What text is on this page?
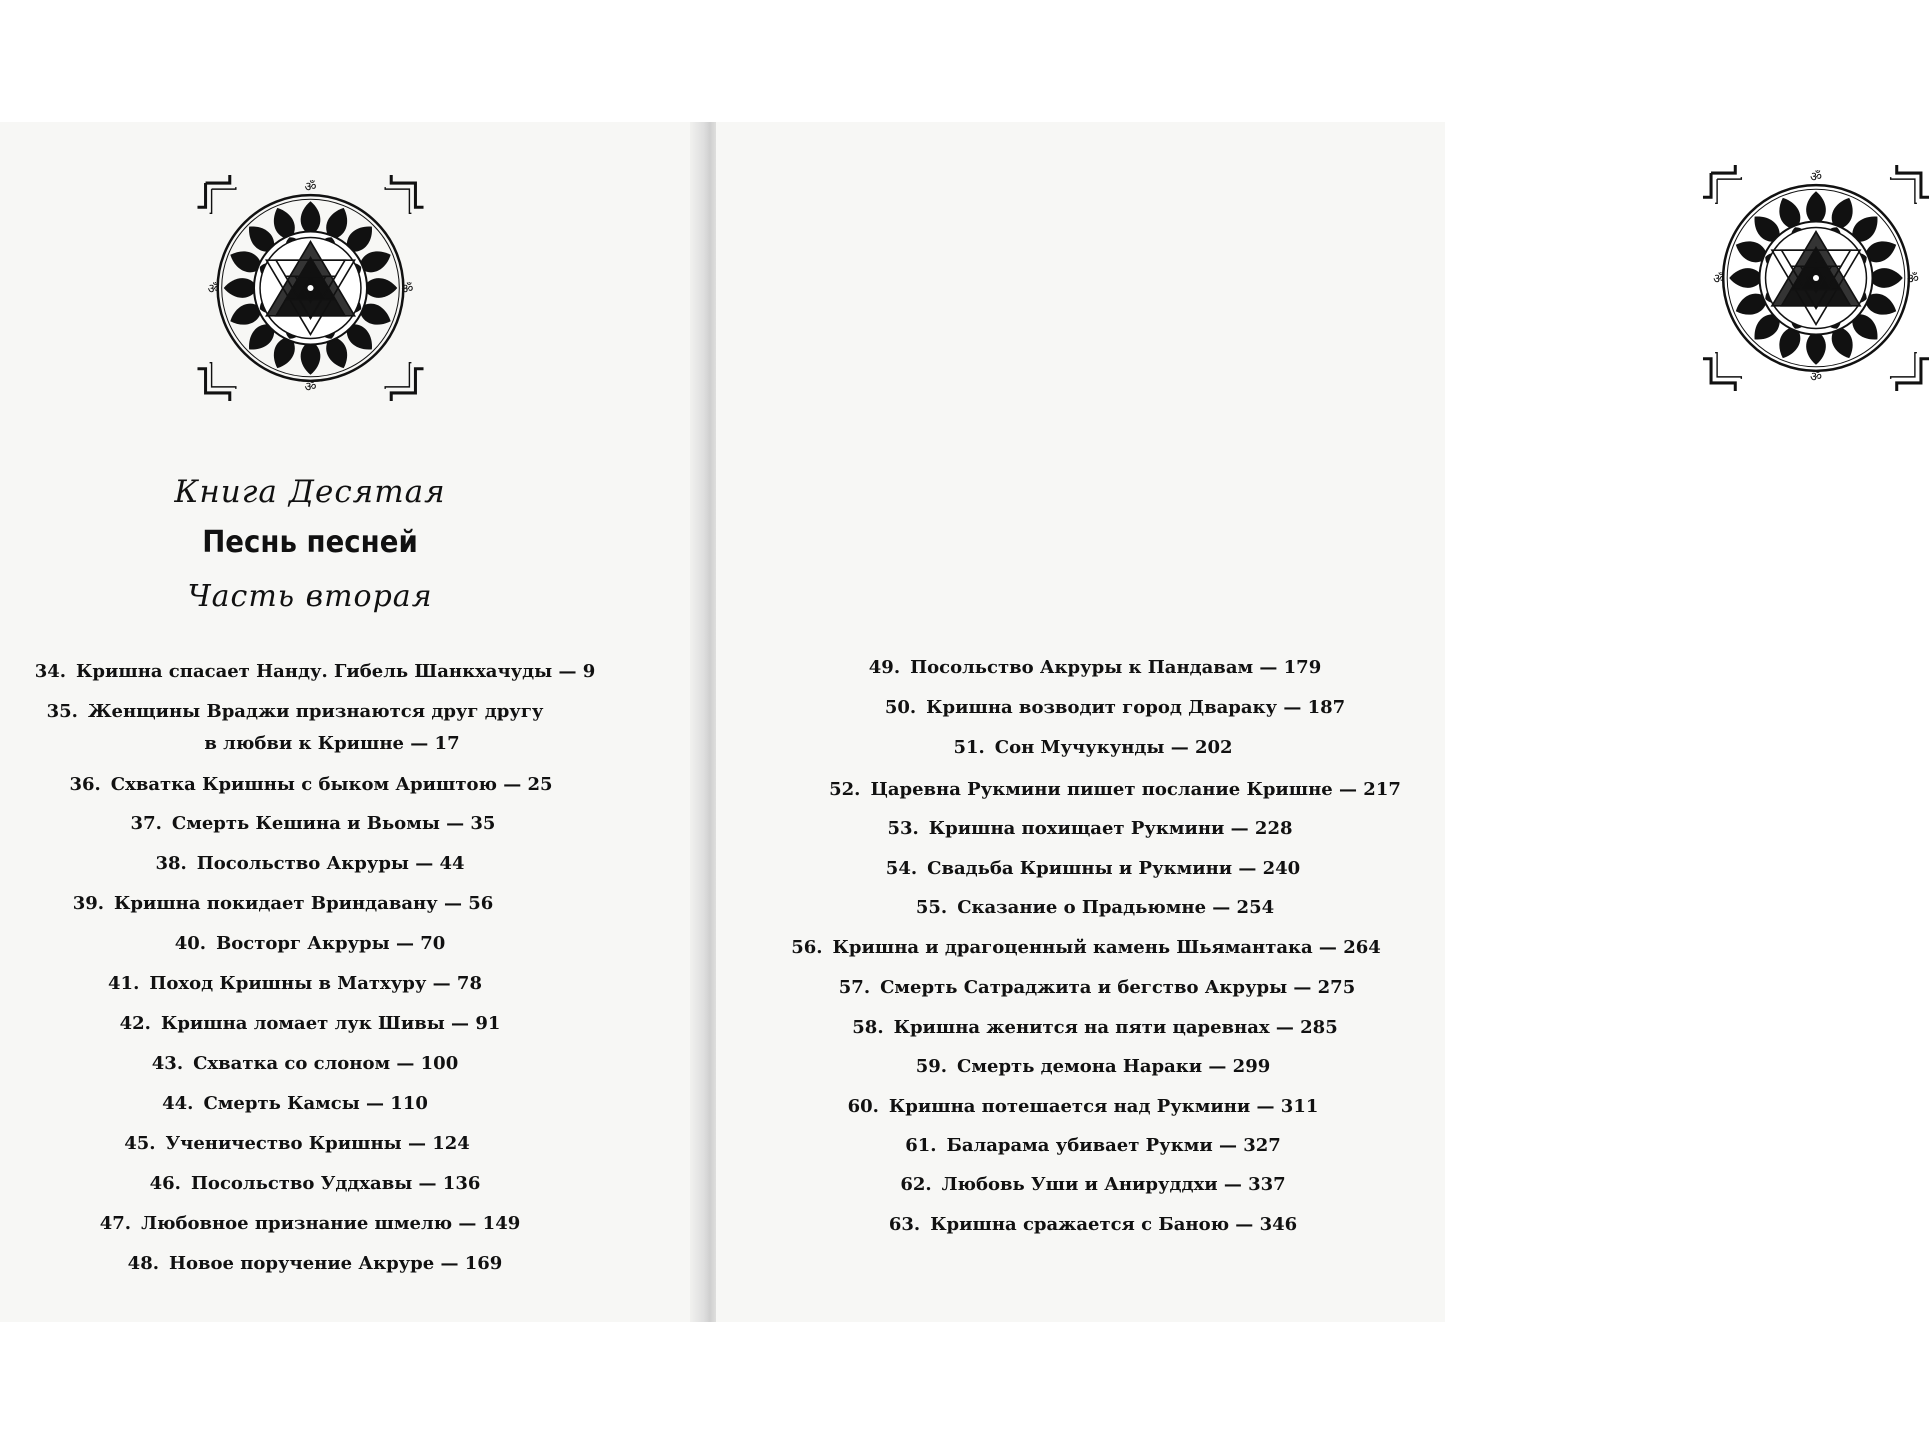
ॐ
ॐ
ॐ	ॐ
Книга Десятая
Песнь песней
Часть вторая
34. Кришна спасает Нанду. Гибель Шанкхачуды — 9
35. Женщины Враджи признаются друг другу
в любви к Кришне — 17
36. Схватка Кришны с быком Ариштою — 25
37. Смерть Кешина и Вьомы — 35
38. Посольство Акруры — 44
39. Кришна покидает Вриндавану — 56
40. Восторг Акруры — 70
41. Поход Кришны в Матхуру — 78
42. Кришна ломает лук Шивы — 91
43. Схватка со слоном — 100
44. Смерть Камсы — 110
45. Ученичество Кришны — 124
46. Посольство Уддхавы — 136
47. Любовное признание шмелю — 149
48. Новое поручение Акруре — 169
ॐ
ॐ
ॐ	ॐ
49. Посольство Акруры к Пандавам — 179
50. Кришна возводит город Двараку — 187
51. Сон Мучукунды — 202
52. Царевна Рукмини пишет послание Кришне — 217
53. Кришна похищает Рукмини — 228
54. Свадьба Кришны и Рукмини — 240
55. Сказание о Прадьюмне — 254
56. Кришна и драгоценный камень Шьямантака — 264
57. Смерть Сатраджита и бегство Акруры — 275
58. Кришна женится на пяти царевнах — 285
59. Смерть демона Нараки — 299
60. Кришна потешается над Рукмини — 311
61. Баларама убивает Рукми — 327
62. Любовь Уши и Анируддхи — 337
63. Кришна сражается с Баною — 346
